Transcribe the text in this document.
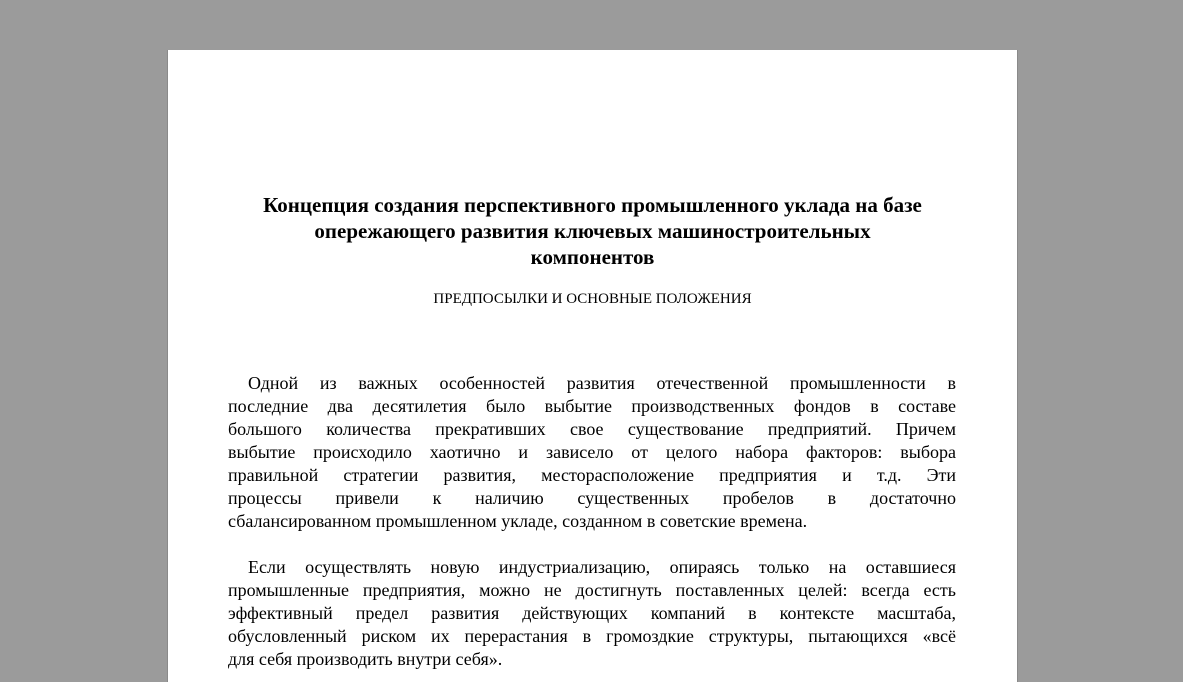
Концепция создания перспективного промышленного уклада на базе
опережающего развития ключевых машиностроительных
компонентов

ПРЕДПОСЫЛКИ И ОСНОВНЫЕ ПОЛОЖЕНИЯ

Одной из важных особенностей развития отечественной промышленности в
последние два десятилетия было выбытие производственных фондов в составе
большого количества прекративших свое существование предприятий. Причем
выбытие происходило хаотично и зависело от целого набора факторов: выбора
правильной стратегии развития, месторасположение предприятия и т.д. Эти
процессы привели к наличию существенных пробелов в достаточно
сбалансированном промышленном укладе, созданном в советские времена.

Если осуществлять новую индустриализацию, опираясь только на оставшиеся
промышленные предприятия, можно не достигнуть поставленных целей: всегда есть
эффективный предел развития действующих компаний в контексте масштаба,
обусловленный риском их перерастания в громоздкие структуры, пытающихся «всё
для себя производить внутри себя».
